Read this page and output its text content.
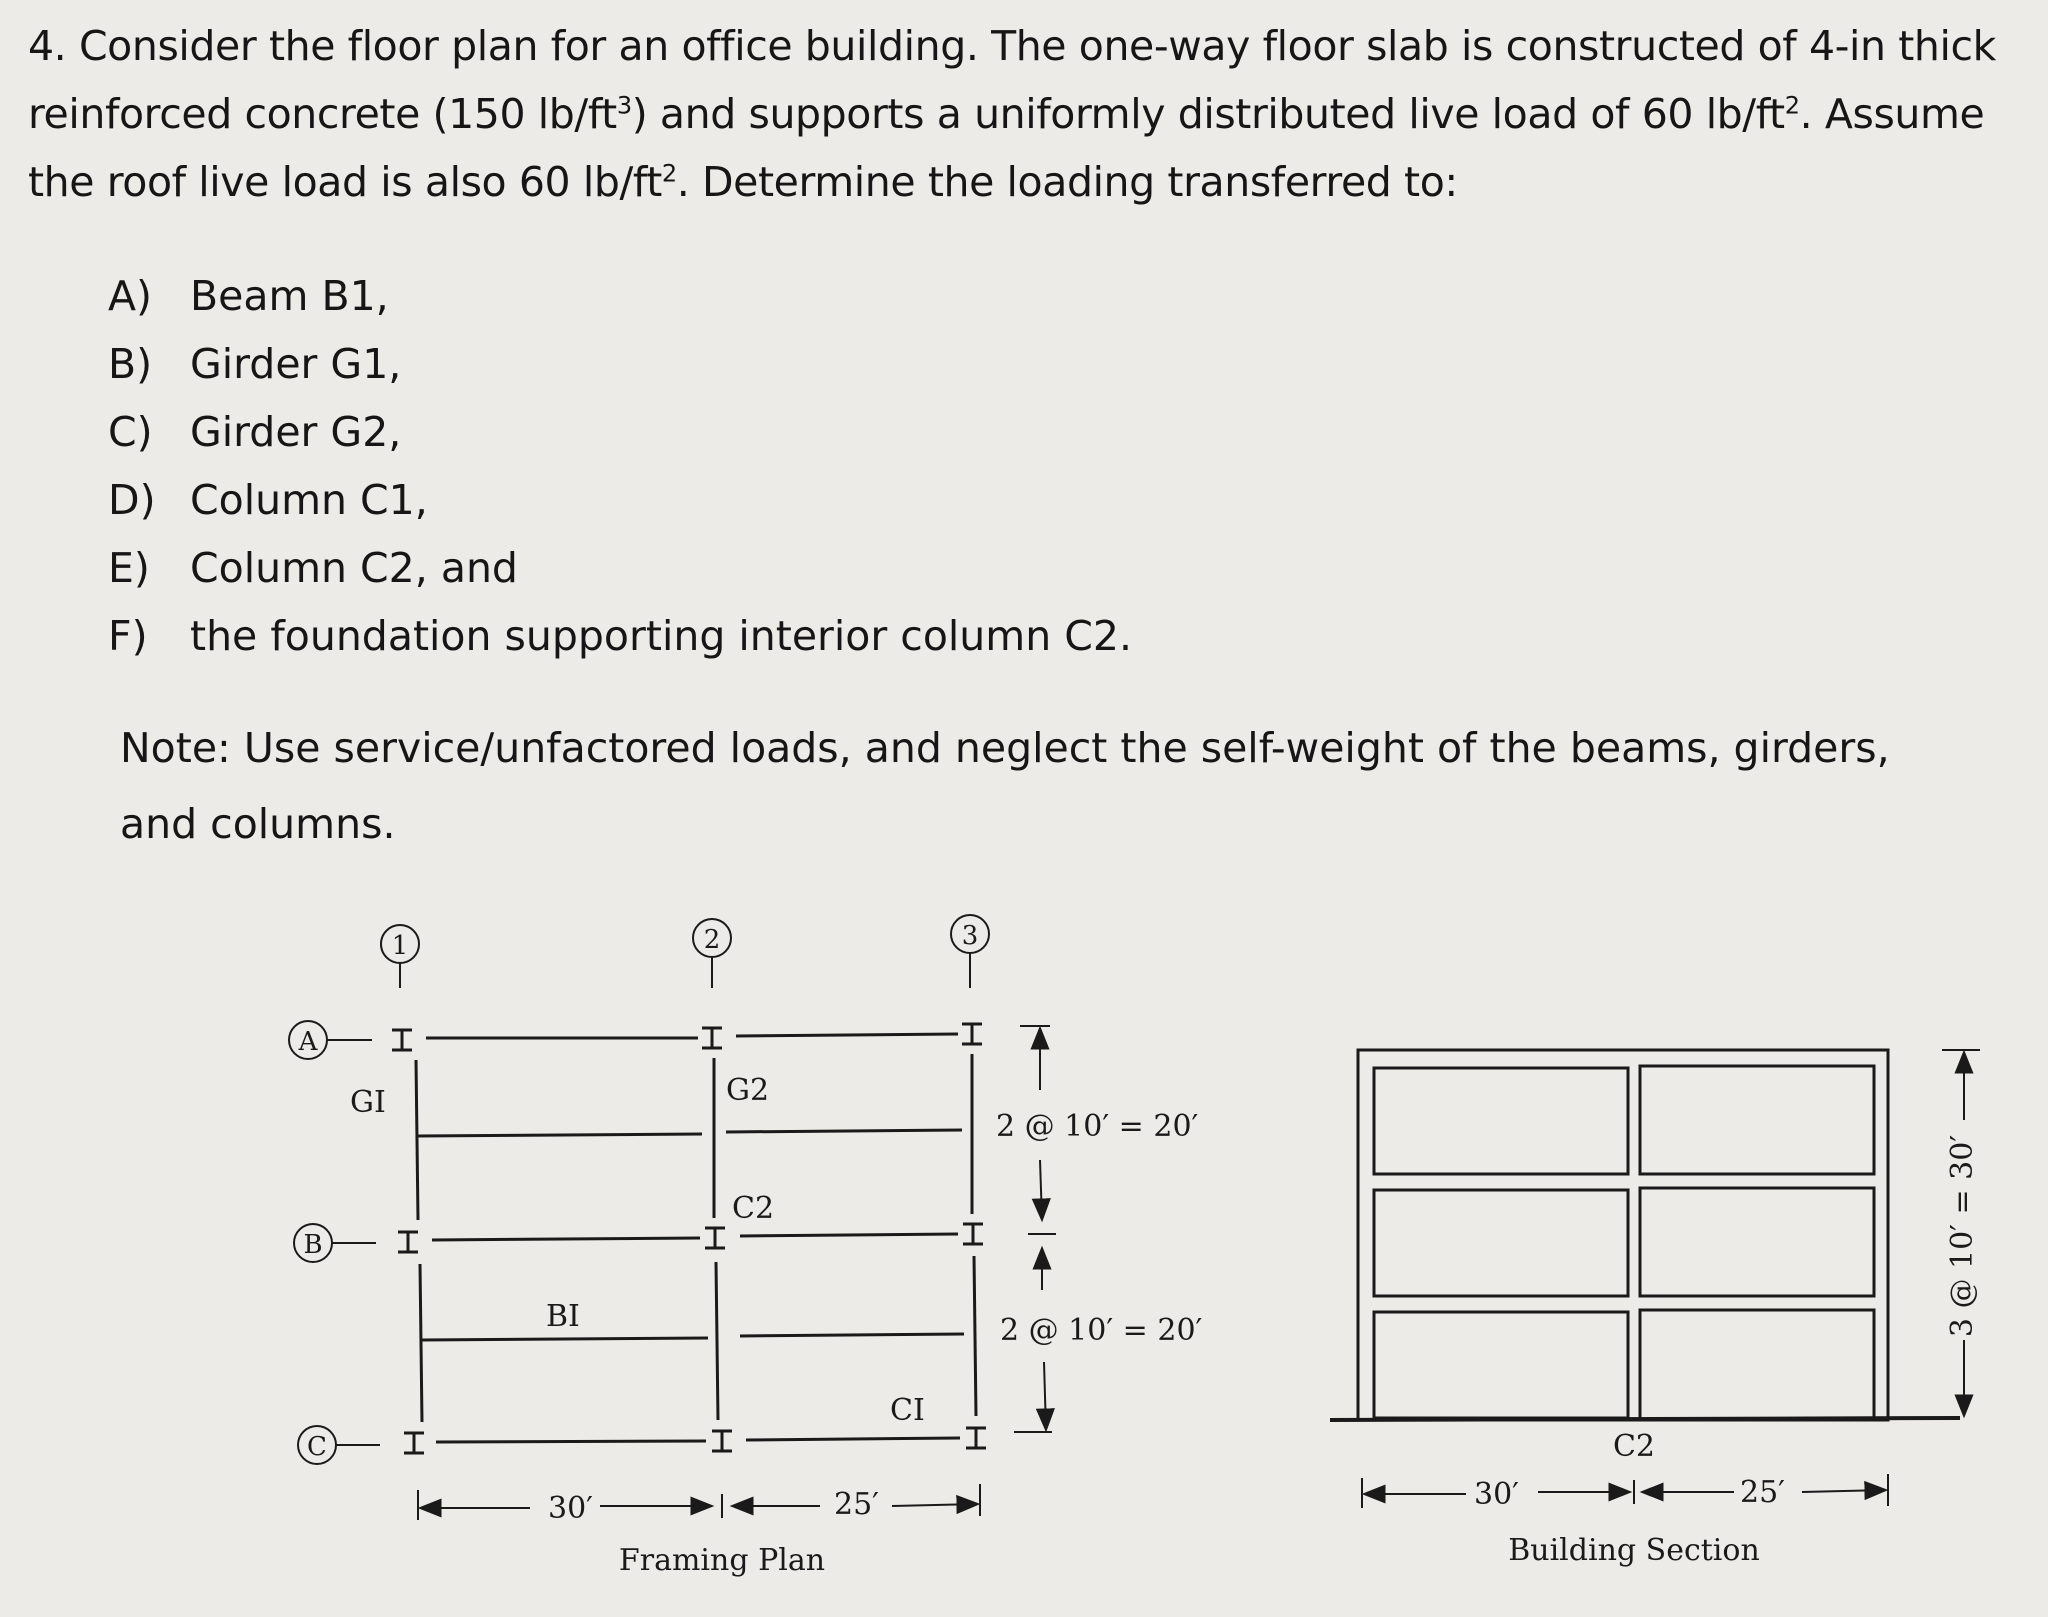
4. Consider the floor plan for an office building. The one-way floor slab is constructed of 4-in thick
reinforced concrete (150 $lb/ft^3$) and supports a uniformly distributed live load of 60 $lb/ft^2$. Assume
the roof live load is also 60 $lb/ft^2$. Determine the loading transferred to:
A) Beam B1,
B) Girder G1,
C) Girder G2,
D) Column C1,
E) Column C2, and
F)	the foundation supporting interior column C2.
Note: Use service/unfactored loads, and neglect the self-weight of the beams, girders, and columns.
1	2	3
A
B
C
GI	G2
C2
BI
CI
2 @ 10′ = 20′
2 @ 10′ = 20′
30′	25′
Framing Plan
3 @ 10′ = 30′
C2
30′	25′
Building Section
